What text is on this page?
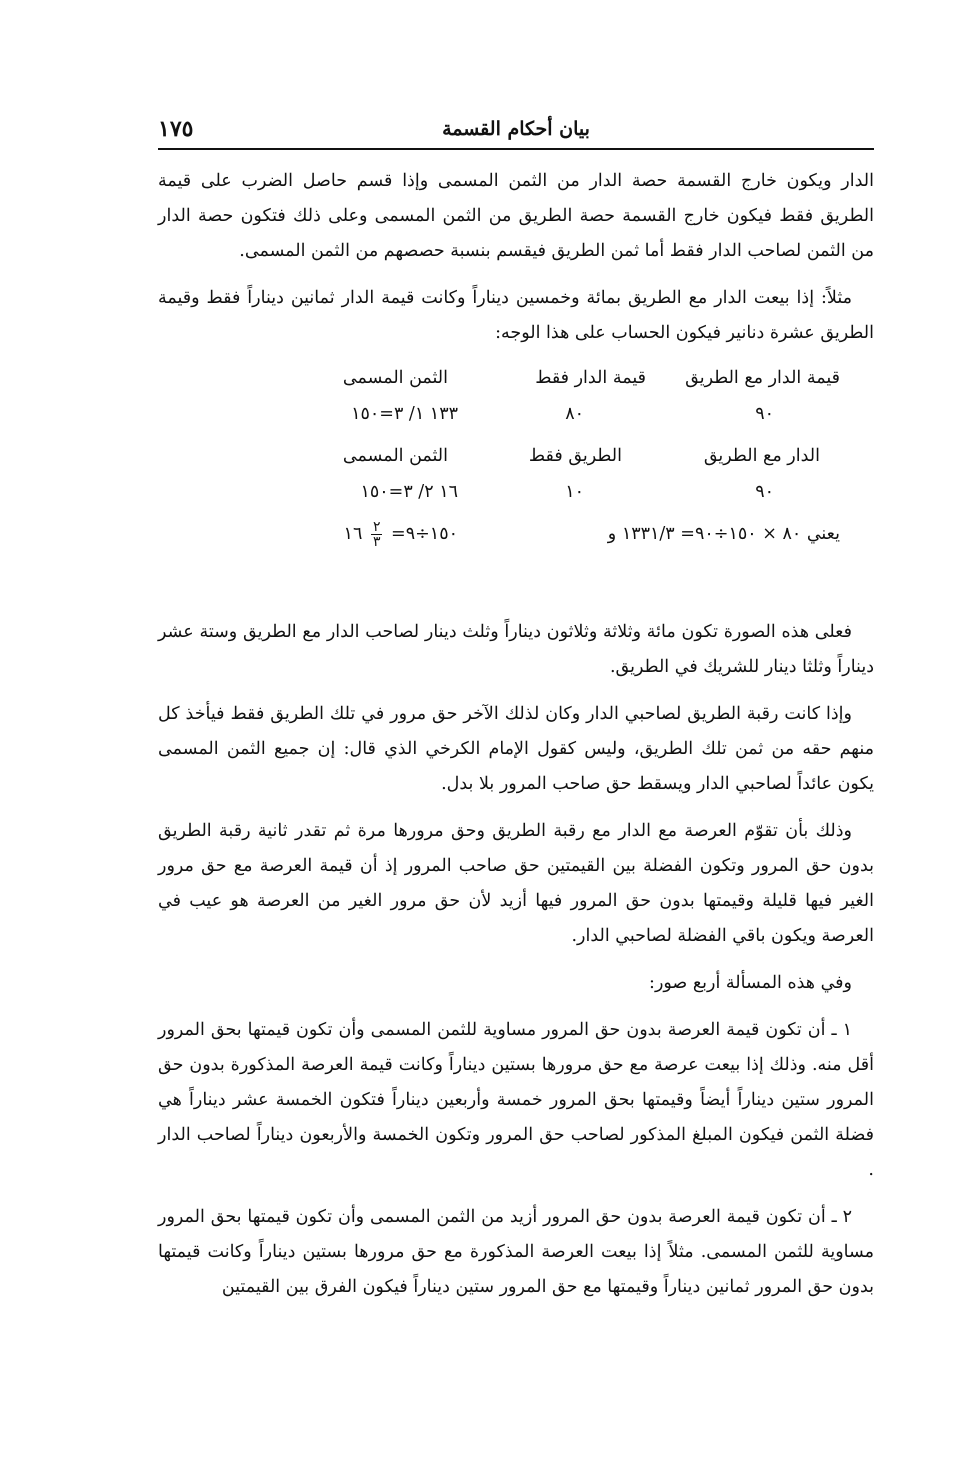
١٧٥	بيان أحكام القسمة

الدار ويكون خارج القسمة حصة الدار من الثمن المسمى وإذا قسم حاصل الضرب على قيمة الطريق فقط فيكون خارج القسمة حصة الطريق من الثمن المسمى وعلى ذلك فتكون حصة الدار من الثمن لصاحب الدار فقط أما ثمن الطريق فيقسم بنسبة حصصهم من الثمن المسمى.

مثلاً: إذا بيعت الدار مع الطريق بمائة وخمسين ديناراً وكانت قيمة الدار ثمانين ديناراً فقط وقيمة الطريق عشرة دنانير فيكون الحساب على هذا الوجه:

قيمة الدار مع الطريق
قيمة الدار فقط
الثمن المسمى
٩٠
٨٠
١٣٣ ١/ ٣=١٥٠
الدار مع الطريق
الطريق فقط
الثمن المسمى
٩٠
١٠
١٦ ٢/ ٣=١٥٠
يعني ٨٠ × ١٥٠÷٩٠= ١٣٣١/٣ و
١٥٠÷٩=
$\frac{٢}{٣}$
١٦

فعلى هذه الصورة تكون مائة وثلاثة وثلاثون ديناراً وثلث دينار لصاحب الدار مع الطريق وستة عشر ديناراً وثلثا دينار للشريك في الطريق.

وإذا كانت رقبة الطريق لصاحبي الدار وكان لذلك الآخر حق مرور في تلك الطريق فقط فيأخذ كل منهم حقه من ثمن تلك الطريق، وليس كقول الإمام الكرخي الذي قال: إن جميع الثمن المسمى يكون عائداً لصاحبي الدار ويسقط حق صاحب المرور بلا بدل.

وذلك بأن تقوّم العرصة مع الدار مع رقبة الطريق وحق مرورها مرة ثم تقدر ثانية رقبة الطريق بدون حق المرور وتكون الفضلة بين القيمتين حق صاحب المرور إذ أن قيمة العرصة مع حق مرور الغير فيها قليلة وقيمتها بدون حق المرور فيها أزيد لأن حق مرور الغير من العرصة هو عيب في العرصة ويكون باقي الفضلة لصاحبي الدار.

وفي هذه المسألة أربع صور:

١ ـ أن تكون قيمة العرصة بدون حق المرور مساوية للثمن المسمى وأن تكون قيمتها بحق المرور أقل منه. وذلك إذا بيعت عرصة مع حق مرورها بستين ديناراً وكانت قيمة العرصة المذكورة بدون حق المرور ستين ديناراً أيضاً وقيمتها بحق المرور خمسة وأربعين ديناراً فتكون الخمسة عشر ديناراً هي فضلة الثمن فيكون المبلغ المذكور لصاحب حق المرور وتكون الخمسة والأربعون ديناراً لصاحب الدار .

٢ ـ أن تكون قيمة العرصة بدون حق المرور أزيد من الثمن المسمى وأن تكون قيمتها بحق المرور مساوية للثمن المسمى. مثلاً إذا بيعت العرصة المذكورة مع حق مرورها بستين ديناراً وكانت قيمتها بدون حق المرور ثمانين ديناراً وقيمتها مع حق المرور ستين ديناراً فيكون الفرق بين القيمتين
